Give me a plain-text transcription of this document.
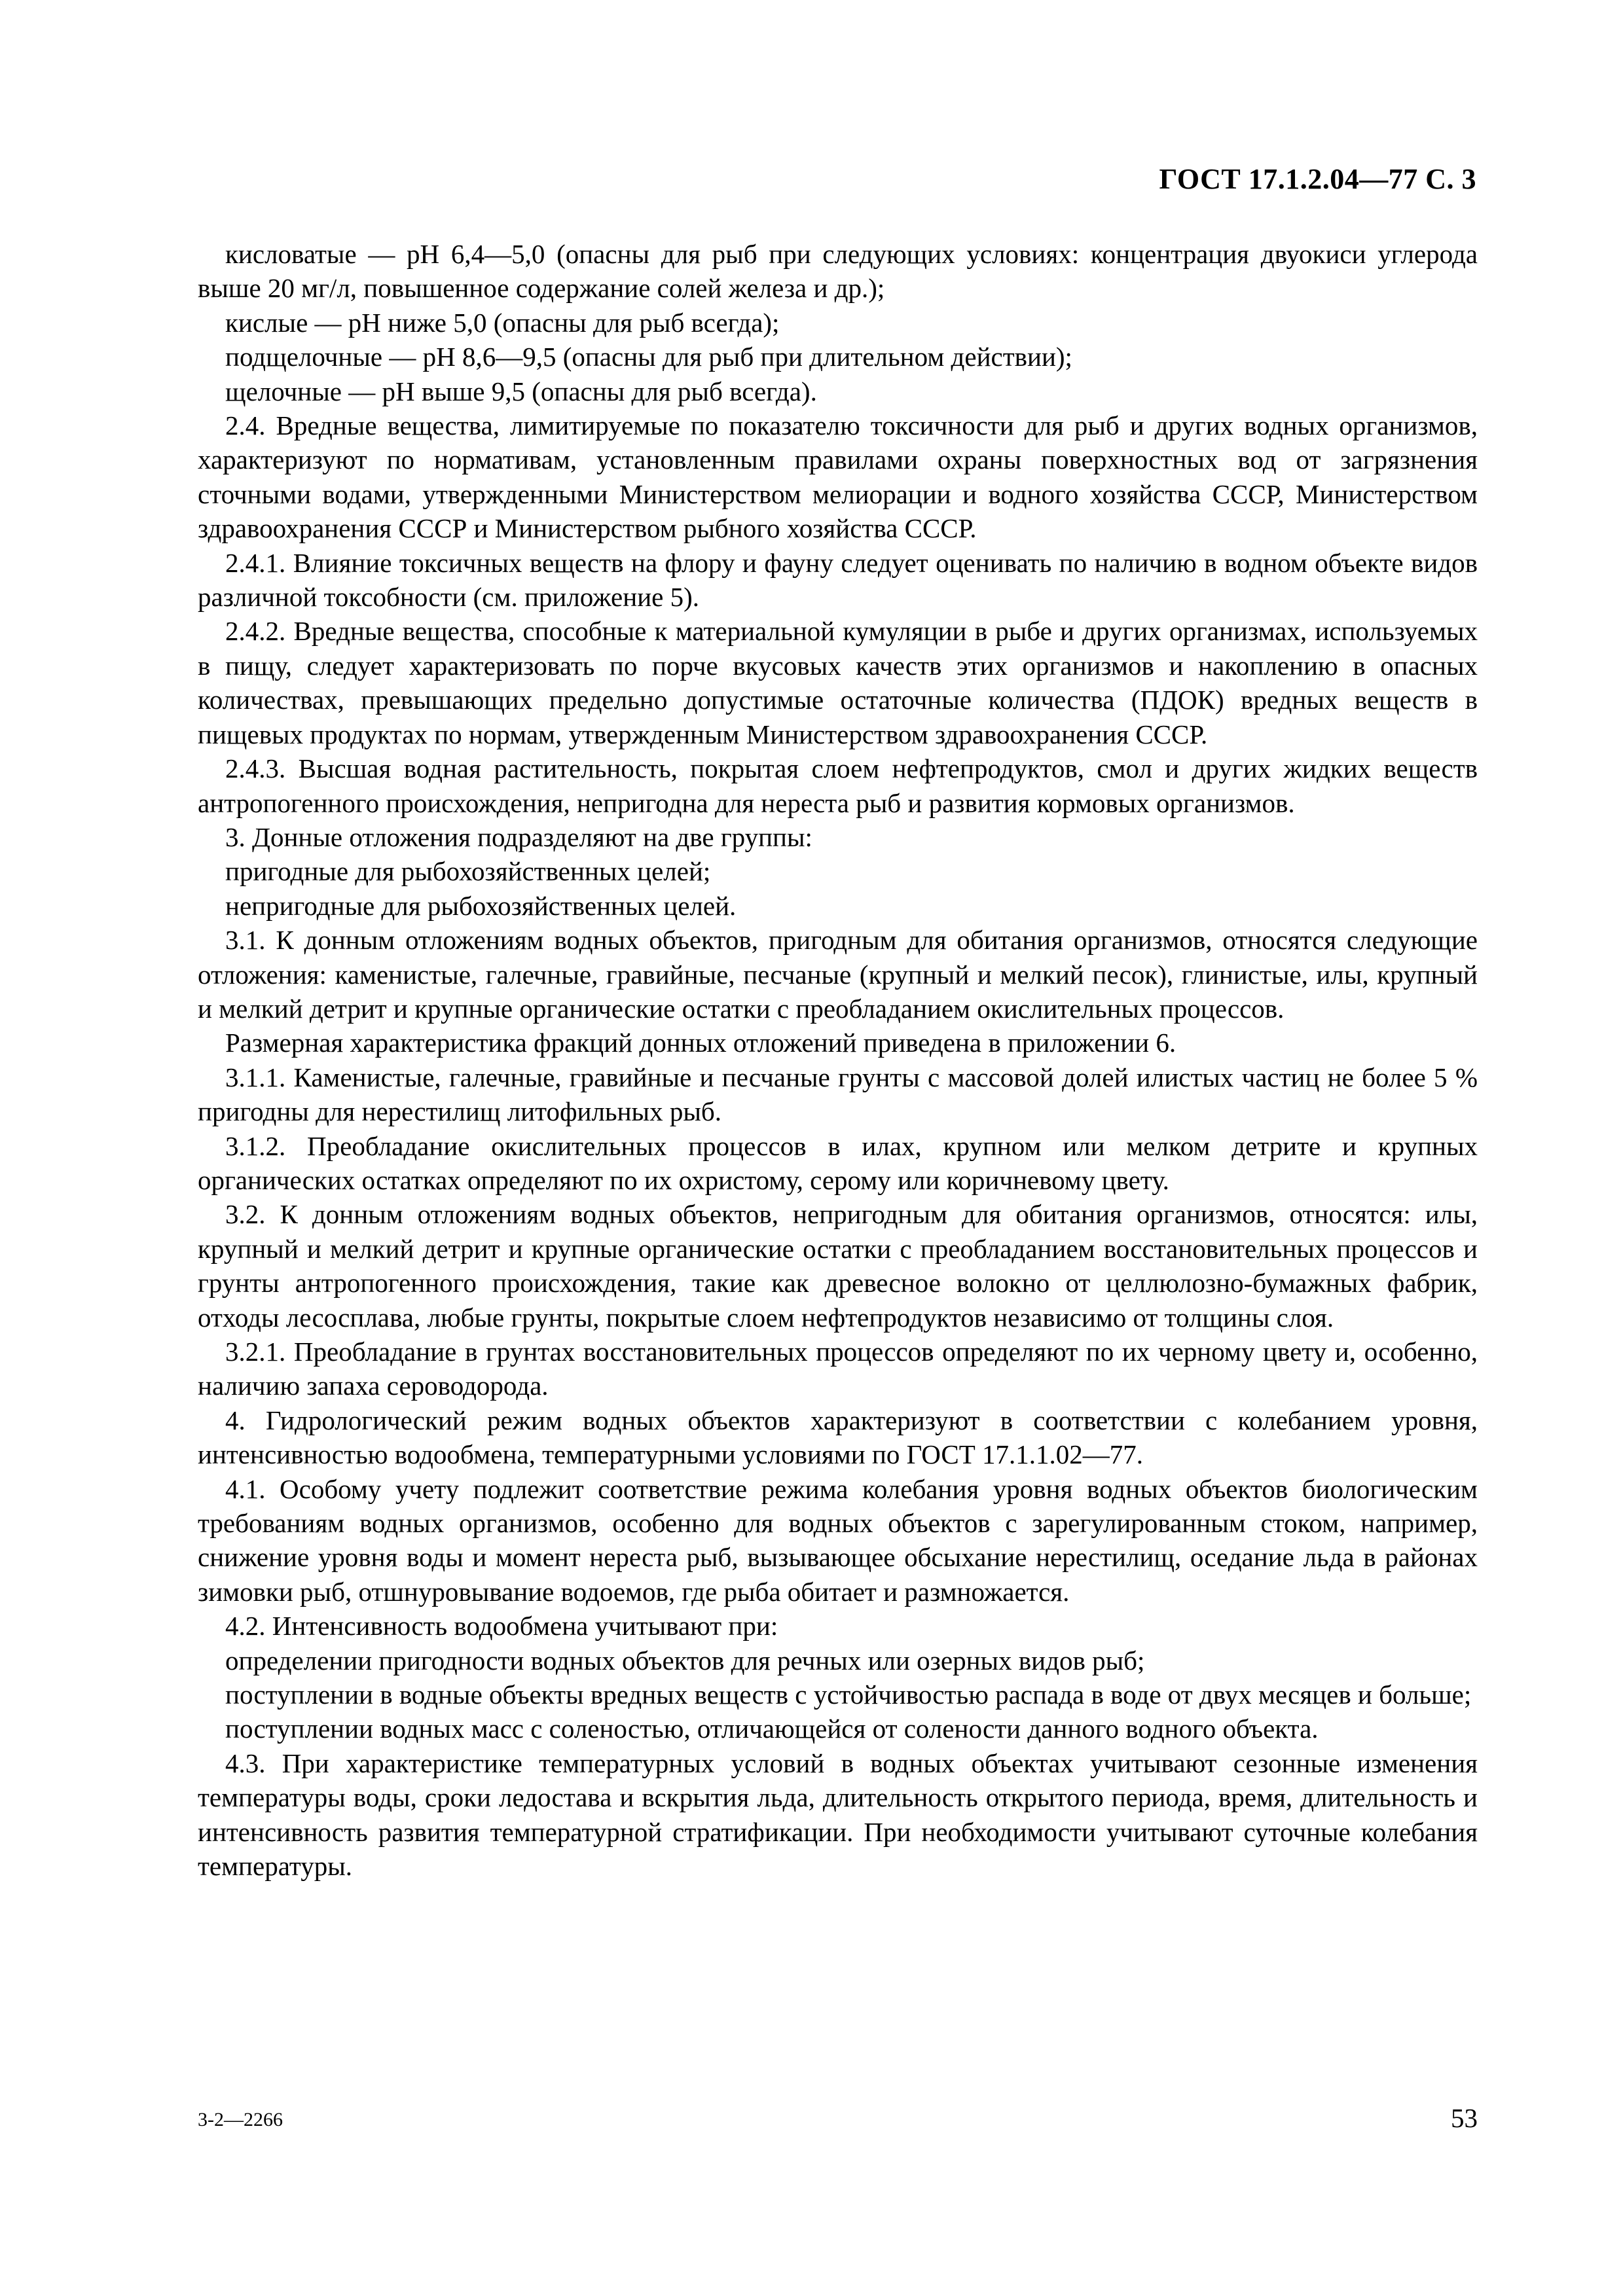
ГОСТ 17.1.2.04—77 С. 3

кисловатые — рН 6,4—5,0 (опасны для рыб при следующих условиях: концентрация двуокиси углерода выше 20 мг/л, повышенное содержание солей железа и др.);

кислые — рН ниже 5,0 (опасны для рыб всегда);

подщелочные — рН 8,6—9,5 (опасны для рыб при длительном действии);

щелочные — рН выше 9,5 (опасны для рыб всегда).

2.4. Вредные вещества, лимитируемые по показателю токсичности для рыб и других водных организмов, характеризуют по нормативам, установленным правилами охраны поверхностных вод от загрязнения сточными водами, утвержденными Министерством мелиорации и водного хозяйства СССР, Министерством здравоохранения СССР и Министерством рыбного хозяйства СССР.

2.4.1. Влияние токсичных веществ на флору и фауну следует оценивать по наличию в водном объекте видов различной токсобности (см. приложение 5).

2.4.2. Вредные вещества, способные к материальной кумуляции в рыбе и других организмах, используемых в пищу, следует характеризовать по порче вкусовых качеств этих организмов и накоплению в опасных количествах, превышающих предельно допустимые остаточные количества (ПДОК) вредных веществ в пищевых продуктах по нормам, утвержденным Министерством здравоохранения СССР.

2.4.3. Высшая водная растительность, покрытая слоем нефтепродуктов, смол и других жидких веществ антропогенного происхождения, непригодна для нереста рыб и развития кормовых организмов.

3. Донные отложения подразделяют на две группы:

пригодные для рыбохозяйственных целей;

непригодные для рыбохозяйственных целей.

3.1. К донным отложениям водных объектов, пригодным для обитания организмов, относятся следующие отложения: каменистые, галечные, гравийные, песчаные (крупный и мелкий песок), глинистые, илы, крупный и мелкий детрит и крупные органические остатки с преобладанием окислительных процессов.

Размерная характеристика фракций донных отложений приведена в приложении 6.

3.1.1. Каменистые, галечные, гравийные и песчаные грунты с массовой долей илистых частиц не более 5 % пригодны для нерестилищ литофильных рыб.

3.1.2. Преобладание окислительных процессов в илах, крупном или мелком детрите и крупных органических остатках определяют по их охристому, серому или коричневому цвету.

3.2. К донным отложениям водных объектов, непригодным для обитания организмов, относятся: илы, крупный и мелкий детрит и крупные органические остатки с преобладанием восстановительных процессов и грунты антропогенного происхождения, такие как древесное волокно от целлюлозно-бумажных фабрик, отходы лесосплава, любые грунты, покрытые слоем нефтепродуктов независимо от толщины слоя.

3.2.1. Преобладание в грунтах восстановительных процессов определяют по их черному цвету и, особенно, наличию запаха сероводорода.

4. Гидрологический режим водных объектов характеризуют в соответствии с колебанием уровня, интенсивностью водообмена, температурными условиями по ГОСТ 17.1.1.02—77.

4.1. Особому учету подлежит соответствие режима колебания уровня водных объектов биологическим требованиям водных организмов, особенно для водных объектов с зарегулированным стоком, например, снижение уровня воды и момент нереста рыб, вызывающее обсыхание нерестилищ, оседание льда в районах зимовки рыб, отшнуровывание водоемов, где рыба обитает и размножается.

4.2. Интенсивность водообмена учитывают при:

определении пригодности водных объектов для речных или озерных видов рыб;

поступлении в водные объекты вредных веществ с устойчивостью распада в воде от двух месяцев и больше;

поступлении водных масс с соленостью, отличающейся от солености данного водного объекта.

4.3. При характеристике температурных условий в водных объектах учитывают сезонные изменения температуры воды, сроки ледостава и вскрытия льда, длительность открытого периода, время, длительность и интенсивность развития температурной стратификации. При необходимости учитывают суточные колебания температуры.

3-2—2266	53
